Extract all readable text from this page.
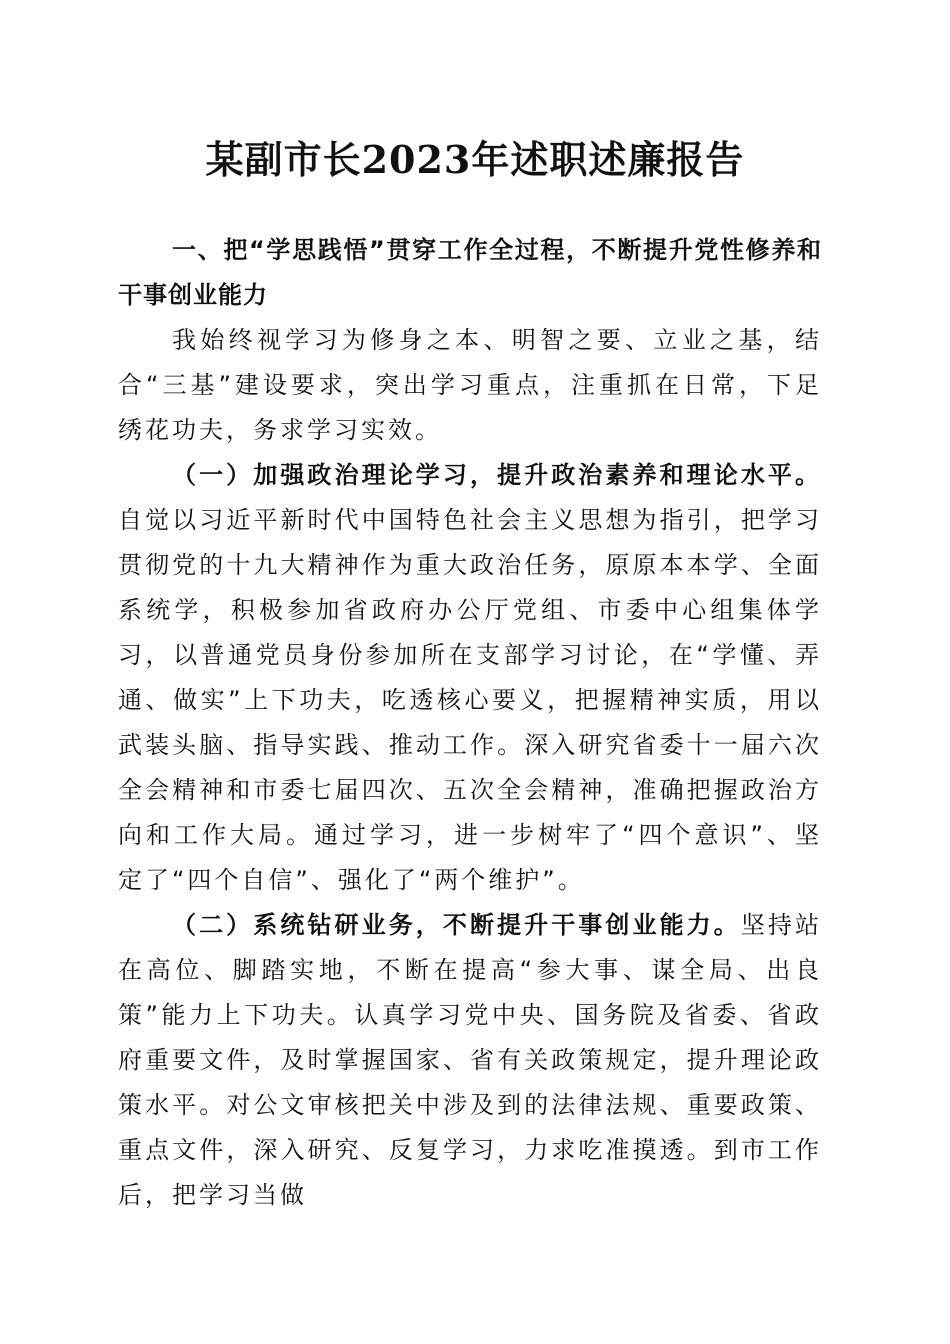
某副市长2023年述职述廉报告

一、把“学思践悟”贯穿工作全过程，不断提升党性修养和干事创业能力

我始终视学习为修身之本、明智之要、立业之基，结合“三基”建设要求，突出学习重点，注重抓在日常，下足绣花功夫，务求学习实效。

（一）加强政治理论学习，提升政治素养和理论水平。自觉以习近平新时代中国特色社会主义思想为指引，把学习贯彻党的十九大精神作为重大政治任务，原原本本学、全面系统学，积极参加省政府办公厅党组、市委中心组集体学习，以普通党员身份参加所在支部学习讨论，在“学懂、弄通、做实”上下功夫，吃透核心要义，把握精神实质，用以武装头脑、指导实践、推动工作。深入研究省委十一届六次全会精神和市委七届四次、五次全会精神，准确把握政治方向和工作大局。通过学习，进一步树牢了“四个意识”、坚定了“四个自信”、强化了“两个维护”。

（二）系统钻研业务，不断提升干事创业能力。坚持站在高位、脚踏实地，不断在提高“参大事、谋全局、出良策”能力上下功夫。认真学习党中央、国务院及省委、省政府重要文件，及时掌握国家、省有关政策规定，提升理论政策水平。对公文审核把关中涉及到的法律法规、重要政策、重点文件，深入研究、反复学习，力求吃准摸透。到市工作后，把学习当做
